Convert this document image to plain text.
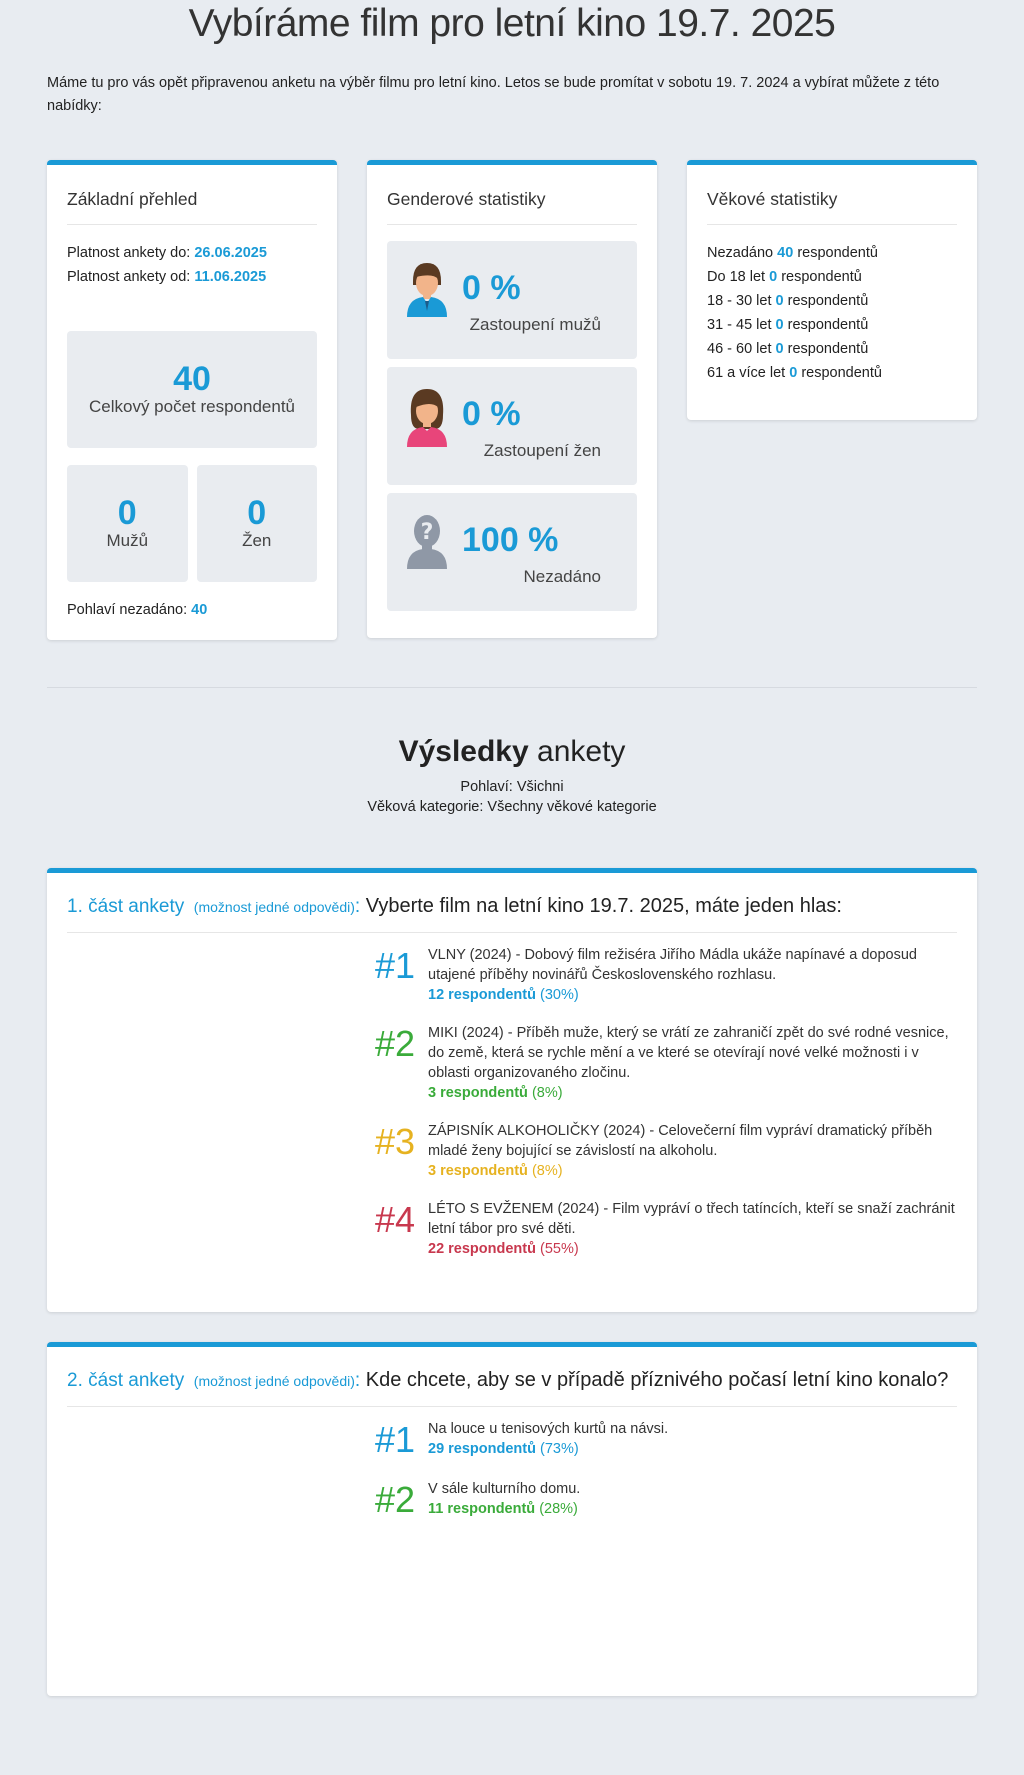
Vybíráme film pro letní kino 19.7. 2025

Máme tu pro vás opět připravenou anketu na výběr filmu pro letní kino. Letos se bude promítat v sobotu 19. 7. 2024 a vybírat můžete z této nabídky:

Základní přehled
Platnost ankety do: 26.06.2025
Platnost ankety od: 11.06.2025
40
Celkový počet respondentů
0
Mužů
0
Žen
Pohlaví nezadáno: 40
Genderové statistiky
0 %
Zastoupení mužů
0 %
Zastoupení žen
? 100 %
Nezadáno
Věkové statistiky
Nezadáno 40 respondentů
Do 18 let 0 respondentů
18 - 30 let 0 respondentů
31 - 45 let 0 respondentů
46 - 60 let 0 respondentů
61 a více let 0 respondentů
Výsledky ankety
Pohlaví: Všichni
Věková kategorie: Všechny věkové kategorie
1. část ankety (možnost jedné odpovědi): Vyberte film na letní kino 19.7. 2025, máte jeden hlas:
#1 VLNY (2024) - Dobový film režiséra Jiřího Mádla ukáže napínavé a doposud utajené příběhy novinářů Československého rozhlasu.
12 respondentů (30%)
#2 MIKI (2024) - Příběh muže, který se vrátí ze zahraničí zpět do své rodné vesnice, do země, která se rychle mění a ve které se otevírají nové velké možnosti i v oblasti organizovaného zločinu.
3 respondentů (8%)
#3 ZÁPISNÍK ALKOHOLIČKY (2024) - Celovečerní film vypráví dramatický příběh mladé ženy bojující se závislostí na alkoholu.
3 respondentů (8%)
#4 LÉTO S EVŽENEM (2024) - Film vypráví o třech tatíncích, kteří se snaží zachránit letní tábor pro své děti.
22 respondentů (55%)
2. část ankety (možnost jedné odpovědi): Kde chcete, aby se v případě příznivého počasí letní kino konalo?
#1 Na louce u tenisových kurtů na návsi.
29 respondentů (73%)
#2 V sále kulturního domu.
11 respondentů (28%)
